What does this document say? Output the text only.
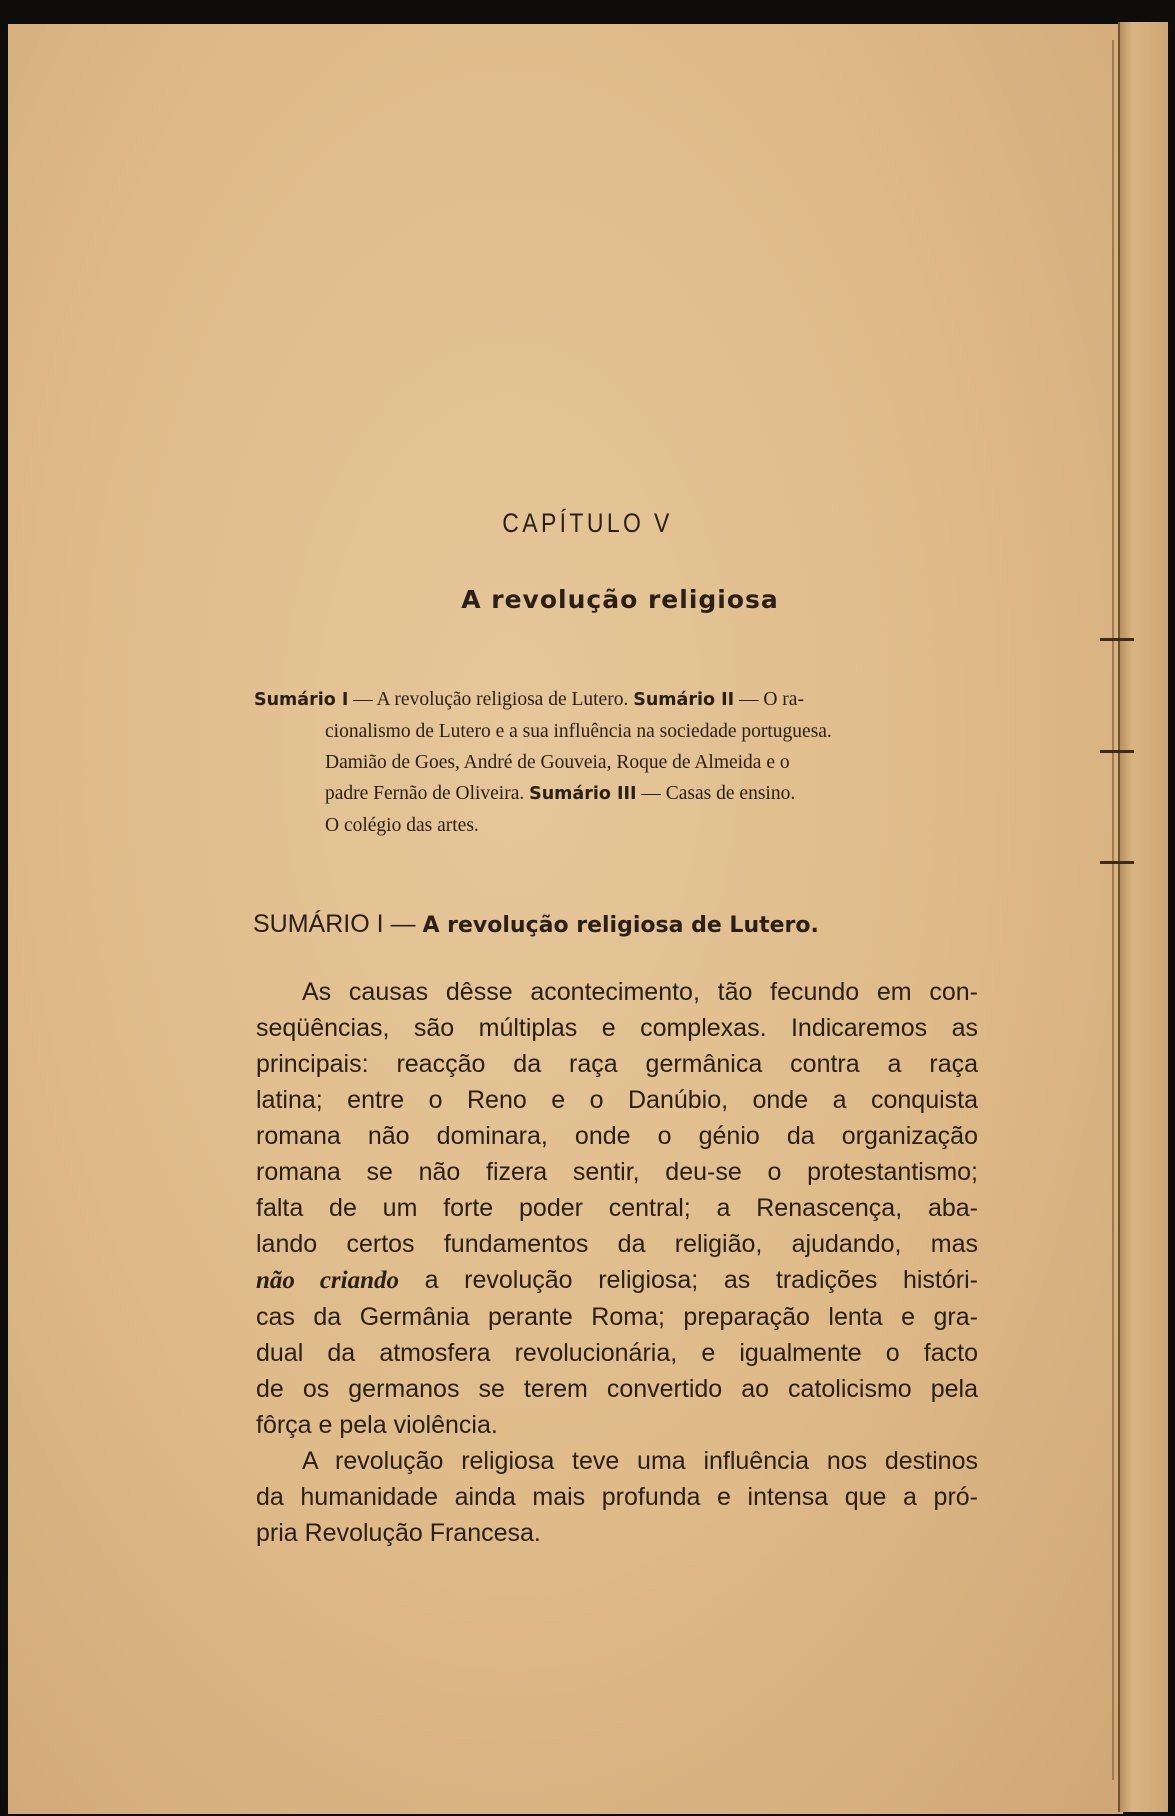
CAPÍTULO V
A revolução religiosa
Sumário I — A revolução religiosa de Lutero. Sumário II — O ra-
cionalismo de Lutero e a sua influência na sociedade portuguesa.
Damião de Goes, André de Gouveia, Roque de Almeida e o
padre Fernão de Oliveira. Sumário III — Casas de ensino.
O colégio das artes.
SUMÁRIO I — A revolução religiosa de Lutero.
As causas dêsse acontecimento, tão fecundo em con-
seqüências, são múltiplas e complexas. Indicaremos as
principais: reacção da raça germânica contra a raça
latina; entre o Reno e o Danúbio, onde a conquista
romana não dominara, onde o génio da organização
romana se não fizera sentir, deu-se o protestantismo;
falta de um forte poder central; a Renascença, aba-
lando certos fundamentos da religião, ajudando, mas
não criando a revolução religiosa; as tradições históri-
cas da Germânia perante Roma; preparação lenta e gra-
dual da atmosfera revolucionária, e igualmente o facto
de os germanos se terem convertido ao catolicismo pela
fôrça e pela violência.
A revolução religiosa teve uma influência nos destinos
da humanidade ainda mais profunda e intensa que a pró-
pria Revolução Francesa.
